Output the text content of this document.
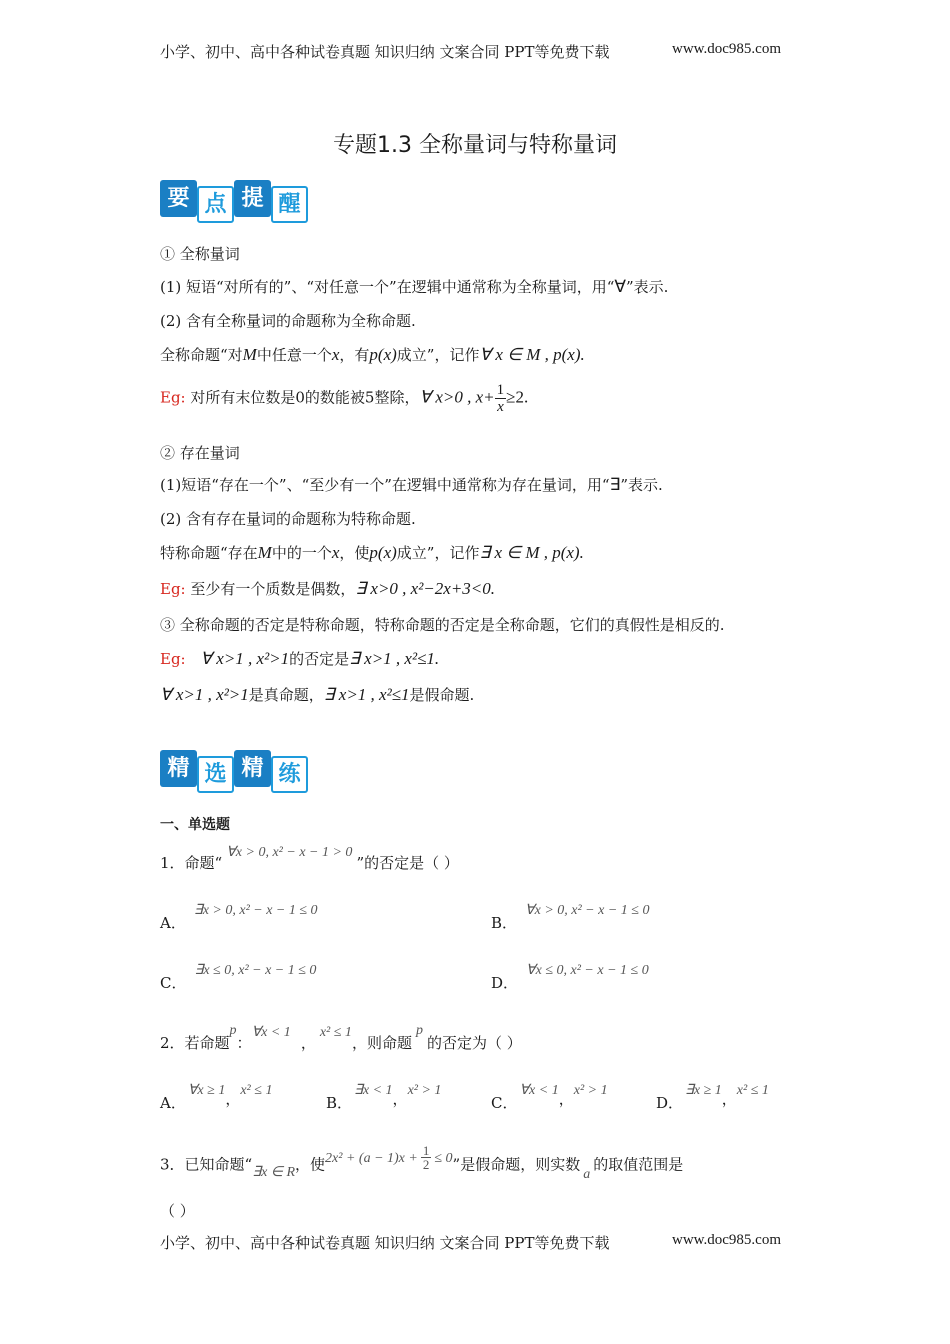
小学、初中、高中各种试卷真题 知识归纳 文案合同 PPT等免费下载	www.doc985.com
专题1.3 全称量词与特称量词
要 点 提 醒
① 全称量词
(1) 短语“对所有的”、“对任意一个”在逻辑中通常称为全称量词，用“∀”表示.
(2) 含有全称量词的命题称为全称命题.
全称命题“对M中任意一个x，有p(x)成立”，记作∀ x ∈ M , p(x).
Eg: 对所有末位数是0的数能被5整除，∀ x>0 , $x+ \frac{1}{x} \ge 2$.
② 存在量词
(1)短语“存在一个”、“至少有一个”在逻辑中通常称为存在量词，用“∃”表示.
(2) 含有存在量词的命题称为特称命题.
特称命题“存在M中的一个x，使p(x)成立”，记作∃ x ∈ M , p(x).
Eg: 至少有一个质数是偶数，∃ x>0 , x²−2x+3<0.
③ 全称命题的否定是特称命题，特称命题的否定是全称命题，它们的真假性是相反的.
Eg: ∀ x>1 , x²>1的否定是∃ x>1 , x²≤1.
∀ x>1 , x²>1是真命题，∃ x>1 , x²≤1是假命题.
精 选 精 练
一、单选题
1．命题“∀x > 0, x² − x − 1 > 0”的否定是（ ）
A．∃x > 0, x² − x − 1 ≤ 0
B．∀x > 0, x² − x − 1 ≤ 0
C．∃x ≤ 0, x² − x − 1 ≤ 0
D．∀x ≤ 0, x² − x − 1 ≤ 0
2．若命题p：∀x < 1，x² ≤ 1，则命题p的否定为（ ）
A．∀x ≥ 1，x² ≤ 1
B．∃x < 1，x² > 1
C．∀x < 1，x² > 1
D．∃x ≥ 1，x² ≤ 1
3．已知命题“∃x ∈ R，使$2x^2 + (a - 1)x + \frac{1}{2} \le 0$”是假命题，则实数a的取值范围是
（ ）
小学、初中、高中各种试卷真题 知识归纳 文案合同 PPT等免费下载	www.doc985.com
